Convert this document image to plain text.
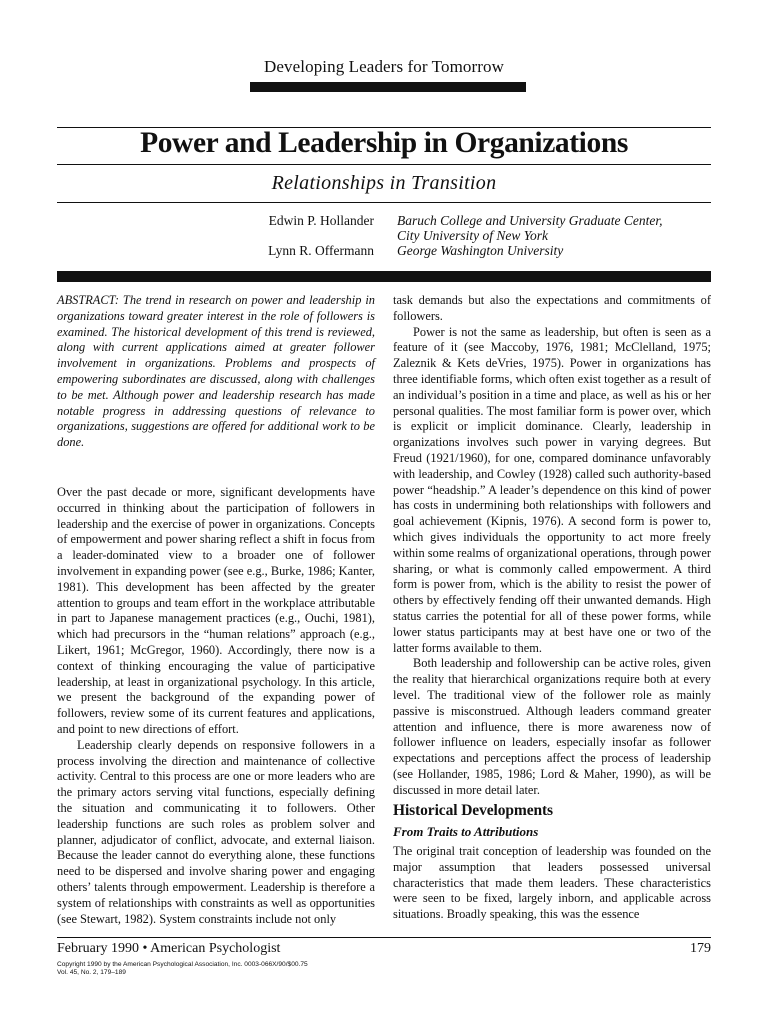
Developing Leaders for Tomorrow
Power and Leadership in Organizations
Relationships in Transition
Edwin P. Hollander Baruch College and University Graduate Center,
City University of New York
Lynn R. Offermann George Washington University

ABSTRACT: The trend in research on power and leadership in organizations toward greater interest in the role of followers is examined. The historical development of this trend is reviewed, along with current applications aimed at greater follower involvement in organizations. Problems and prospects of empowering subordinates are discussed, along with challenges to be met. Although power and leadership research has made notable progress in addressing questions of relevance to organizations, suggestions are offered for additional work to be done.

Over the past decade or more, significant developments have occurred in thinking about the participation of followers in leadership and the exercise of power in organizations. Concepts of empowerment and power sharing reflect a shift in focus from a leader-dominated view to a broader one of follower involvement in expanding power (see e.g., Burke, 1986; Kanter, 1981). This development has been affected by the greater attention to groups and team effort in the workplace attributable in part to Japanese management practices (e.g., Ouchi, 1981), which had precursors in the “human relations” approach (e.g., Likert, 1961; McGregor, 1960). Accordingly, there now is a context of thinking encouraging the value of participative leadership, at least in organizational psychology. In this article, we present the background of the expanding power of followers, review some of its current features and applications, and point to new directions of effort.

Leadership clearly depends on responsive followers in a process involving the direction and maintenance of collective activity. Central to this process are one or more leaders who are the primary actors serving vital functions, especially defining the situation and communicating it to followers. Other leadership functions are such roles as problem solver and planner, adjudicator of conflict, advocate, and external liaison. Because the leader cannot do everything alone, these functions need to be dispersed and involve sharing power and engaging others’ talents through empowerment. Leadership is therefore a system of relationships with constraints as well as opportunities (see Stewart, 1982). System constraints include not only

task demands but also the expectations and commitments of followers.

Power is not the same as leadership, but often is seen as a feature of it (see Maccoby, 1976, 1981; McClelland, 1975; Zaleznik & Kets deVries, 1975). Power in organizations has three identifiable forms, which often exist together as a result of an individual’s position in a time and place, as well as his or her personal qualities. The most familiar form is power over, which is explicit or implicit dominance. Clearly, leadership in organizations involves such power in varying degrees. But Freud (1921/1960), for one, compared dominance unfavorably with leadership, and Cowley (1928) called such authority-based power “headship.” A leader’s dependence on this kind of power has costs in undermining both relationships with followers and goal achievement (Kipnis, 1976). A second form is power to, which gives individuals the opportunity to act more freely within some realms of organizational operations, through power sharing, or what is commonly called empowerment. A third form is power from, which is the ability to resist the power of others by effectively fending off their unwanted demands. High status carries the potential for all of these power forms, while lower status participants may at best have one or two of the latter forms available to them.

Both leadership and followership can be active roles, given the reality that hierarchical organizations require both at every level. The traditional view of the follower role as mainly passive is misconstrued. Although leaders command greater attention and influence, there is more awareness now of follower influence on leaders, especially insofar as follower expectations and perceptions affect the process of leadership (see Hollander, 1985, 1986; Lord & Maher, 1990), as will be discussed in more detail later.

Historical Developments
From Traits to Attributions

The original trait conception of leadership was founded on the major assumption that leaders possessed universal characteristics that made them leaders. These characteristics were seen to be fixed, largely inborn, and applicable across situations. Broadly speaking, this was the essence

February 1990 • American Psychologist	179
Copyright 1990 by the American Psychological Association, Inc. 0003-066X/90/$00.75
Vol. 45, No. 2, 179–189
